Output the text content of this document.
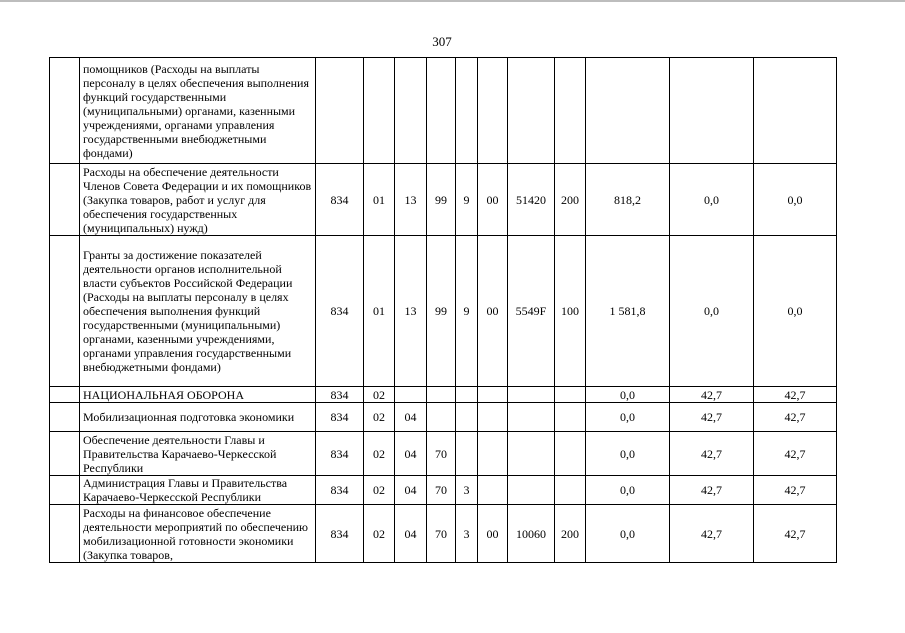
307
	помощников (Расходы на выплаты персоналу в целях обеспечения выполнения функций государственными (муниципальными) органами, казенными учреждениями, органами управления государственными внебюджетными фондами)											
	Расходы на обеспечение деятельности Членов Совета Федерации и их помощников (Закупка товаров, работ и услуг для обеспечения государственных (муниципальных) нужд)	834	01	13	99	9	00	51420	200	818,2	0,0	0,0
	Гранты за достижение показателей деятельности органов исполнительной власти субъектов Российской Федерации (Расходы на выплаты персоналу в целях обеспечения выполнения функций государственными (муниципальными) органами, казенными учреждениями, органами управления государственными внебюджетными фондами)	834	01	13	99	9	00	5549F	100	1 581,8	0,0	0,0
	НАЦИОНАЛЬНАЯ ОБОРОНА	834	02							0,0	42,7	42,7
	Мобилизационная подготовка экономики	834	02	04						0,0	42,7	42,7
	Обеспечение деятельности Главы и Правительства Карачаево-Черкесской Республики	834	02	04	70					0,0	42,7	42,7
	Администрация Главы и Правительства Карачаево-Черкесской Республики	834	02	04	70	3				0,0	42,7	42,7
	Расходы на финансовое обеспечение деятельности мероприятий по обеспечению мобилизационной готовности экономики (Закупка товаров,	834	02	04	70	3	00	10060	200	0,0	42,7	42,7
